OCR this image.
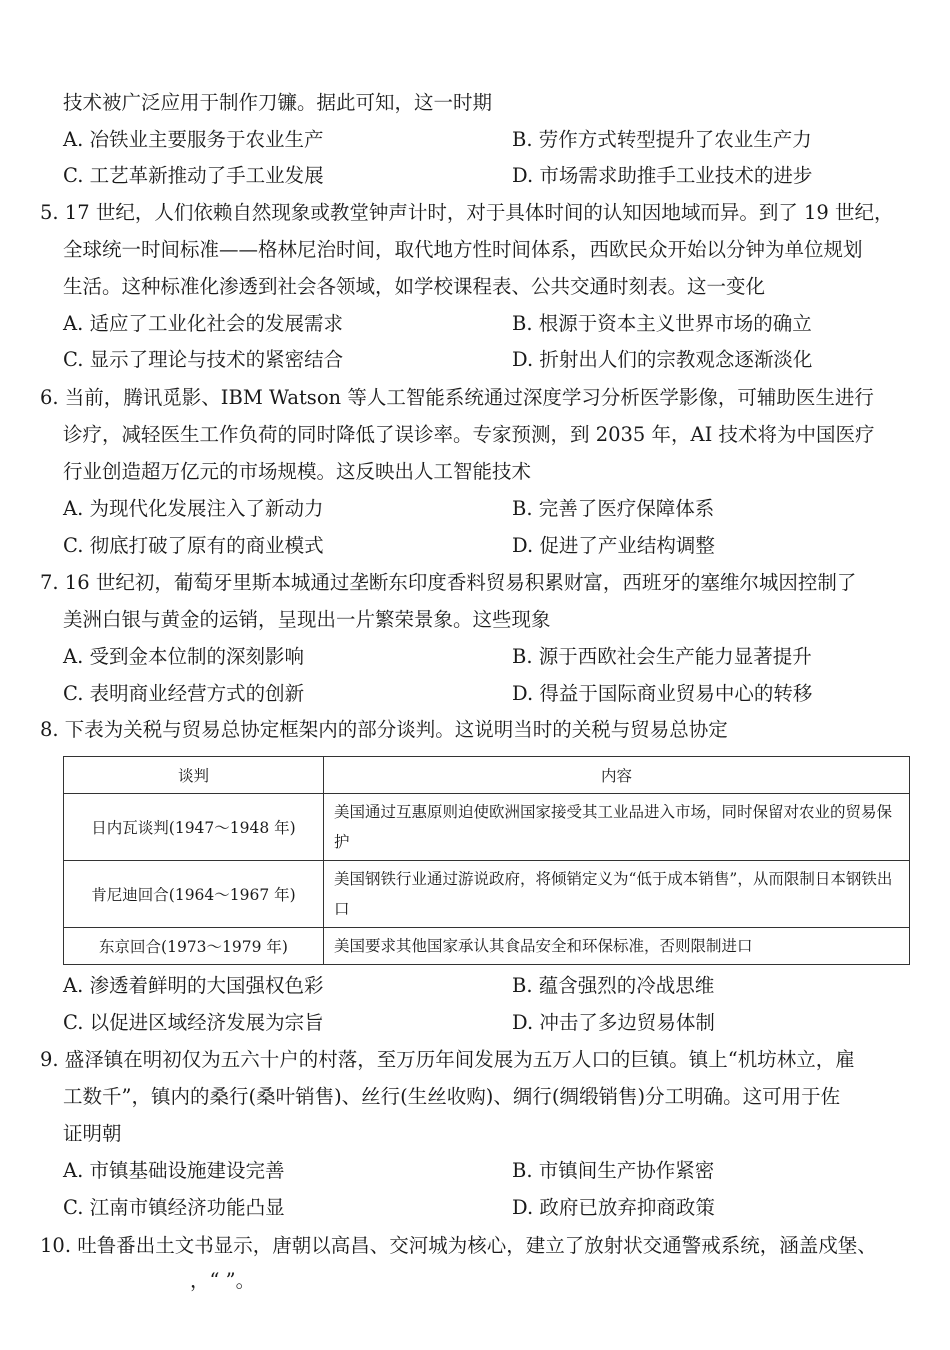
技术被广泛应用于制作刀镰。据此可知，这一时期
A. 冶铁业主要服务于农业生产	B. 劳作方式转型提升了农业生产力
C. 工艺革新推动了手工业发展	D. 市场需求助推手工业技术的进步
5. 17 世纪，人们依赖自然现象或教堂钟声计时，对于具体时间的认知因地域而异。到了 19 世纪，
全球统一时间标准——格林尼治时间，取代地方性时间体系，西欧民众开始以分钟为单位规划
生活。这种标准化渗透到社会各领域，如学校课程表、公共交通时刻表。这一变化
A. 适应了工业化社会的发展需求	B. 根源于资本主义世界市场的确立
C. 显示了理论与技术的紧密结合	D. 折射出人们的宗教观念逐渐淡化
6. 当前，腾讯觅影、IBM Watson 等人工智能系统通过深度学习分析医学影像，可辅助医生进行
诊疗，减轻医生工作负荷的同时降低了误诊率。专家预测，到 2035 年，AI 技术将为中国医疗
行业创造超万亿元的市场规模。这反映出人工智能技术
A. 为现代化发展注入了新动力	B. 完善了医疗保障体系
C. 彻底打破了原有的商业模式	D. 促进了产业结构调整
7. 16 世纪初，葡萄牙里斯本城通过垄断东印度香料贸易积累财富，西班牙的塞维尔城因控制了
美洲白银与黄金的运销，呈现出一片繁荣景象。这些现象
A. 受到金本位制的深刻影响	B. 源于西欧社会生产能力显著提升
C. 表明商业经营方式的创新	D. 得益于国际商业贸易中心的转移
8. 下表为关税与贸易总协定框架内的部分谈判。这说明当时的关税与贸易总协定
谈判	内容
日内瓦谈判(1947～1948 年)	美国通过互惠原则迫使欧洲国家接受其工业品进入市场，同时保留对农业的贸易保护
肯尼迪回合(1964～1967 年)	美国钢铁行业通过游说政府，将倾销定义为“低于成本销售”，从而限制日本钢铁出口
东京回合(1973～1979 年)	美国要求其他国家承认其食品安全和环保标准，否则限制进口
A. 渗透着鲜明的大国强权色彩	B. 蕴含强烈的冷战思维
C. 以促进区域经济发展为宗旨	D. 冲击了多边贸易体制
9. 盛泽镇在明初仅为五六十户的村落，至万历年间发展为五万人口的巨镇。镇上“机坊林立，雇
工数千”，镇内的桑行(桑叶销售)、丝行(生丝收购)、绸行(绸缎销售)分工明确。这可用于佐
证明朝
A. 市镇基础设施建设完善	B. 市镇间生产协作紧密
C. 江南市镇经济功能凸显	D. 政府已放弃抑商政策
10. 吐鲁番出土文书显示，唐朝以高昌、交河城为核心，建立了放射状交通警戒系统，涵盖戍堡、
，“ ”。
